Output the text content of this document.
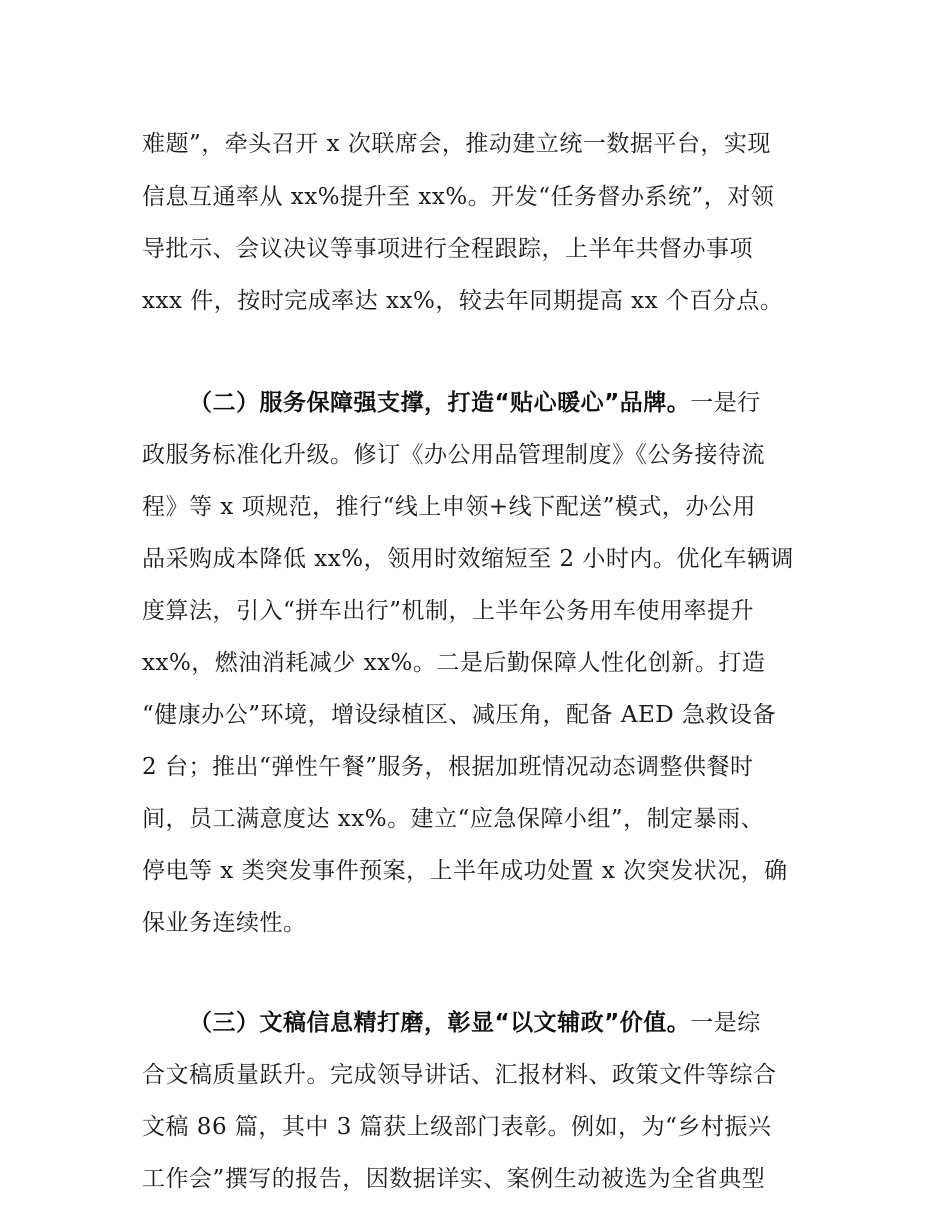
难题”，牵头召开 x 次联席会，推动建立统一数据平台，实现
信息互通率从 xx%提升至 xx%。开发“任务督办系统”，对领
导批示、会议决议等事项进行全程跟踪，上半年共督办事项
xxx 件，按时完成率达 xx%，较去年同期提高 xx 个百分点。
（二）服务保障强支撑，打造“贴心暖心”品牌。一是行
政服务标准化升级。修订《办公用品管理制度》《公务接待流
程》等 x 项规范，推行“线上申领+线下配送”模式，办公用
品采购成本降低 xx%，领用时效缩短至 2 小时内。优化车辆调
度算法，引入“拼车出行”机制，上半年公务用车使用率提升
xx%，燃油消耗减少 xx%。二是后勤保障人性化创新。打造
“健康办公”环境，增设绿植区、减压角，配备 AED 急救设备
2 台；推出“弹性午餐”服务，根据加班情况动态调整供餐时
间，员工满意度达 xx%。建立“应急保障小组”，制定暴雨、
停电等 x 类突发事件预案，上半年成功处置 x 次突发状况，确
保业务连续性。
（三）文稿信息精打磨，彰显“以文辅政”价值。一是综
合文稿质量跃升。完成领导讲话、汇报材料、政策文件等综合
文稿 86 篇，其中 3 篇获上级部门表彰。例如，为“乡村振兴
工作会”撰写的报告，因数据详实、案例生动被选为全省典型
